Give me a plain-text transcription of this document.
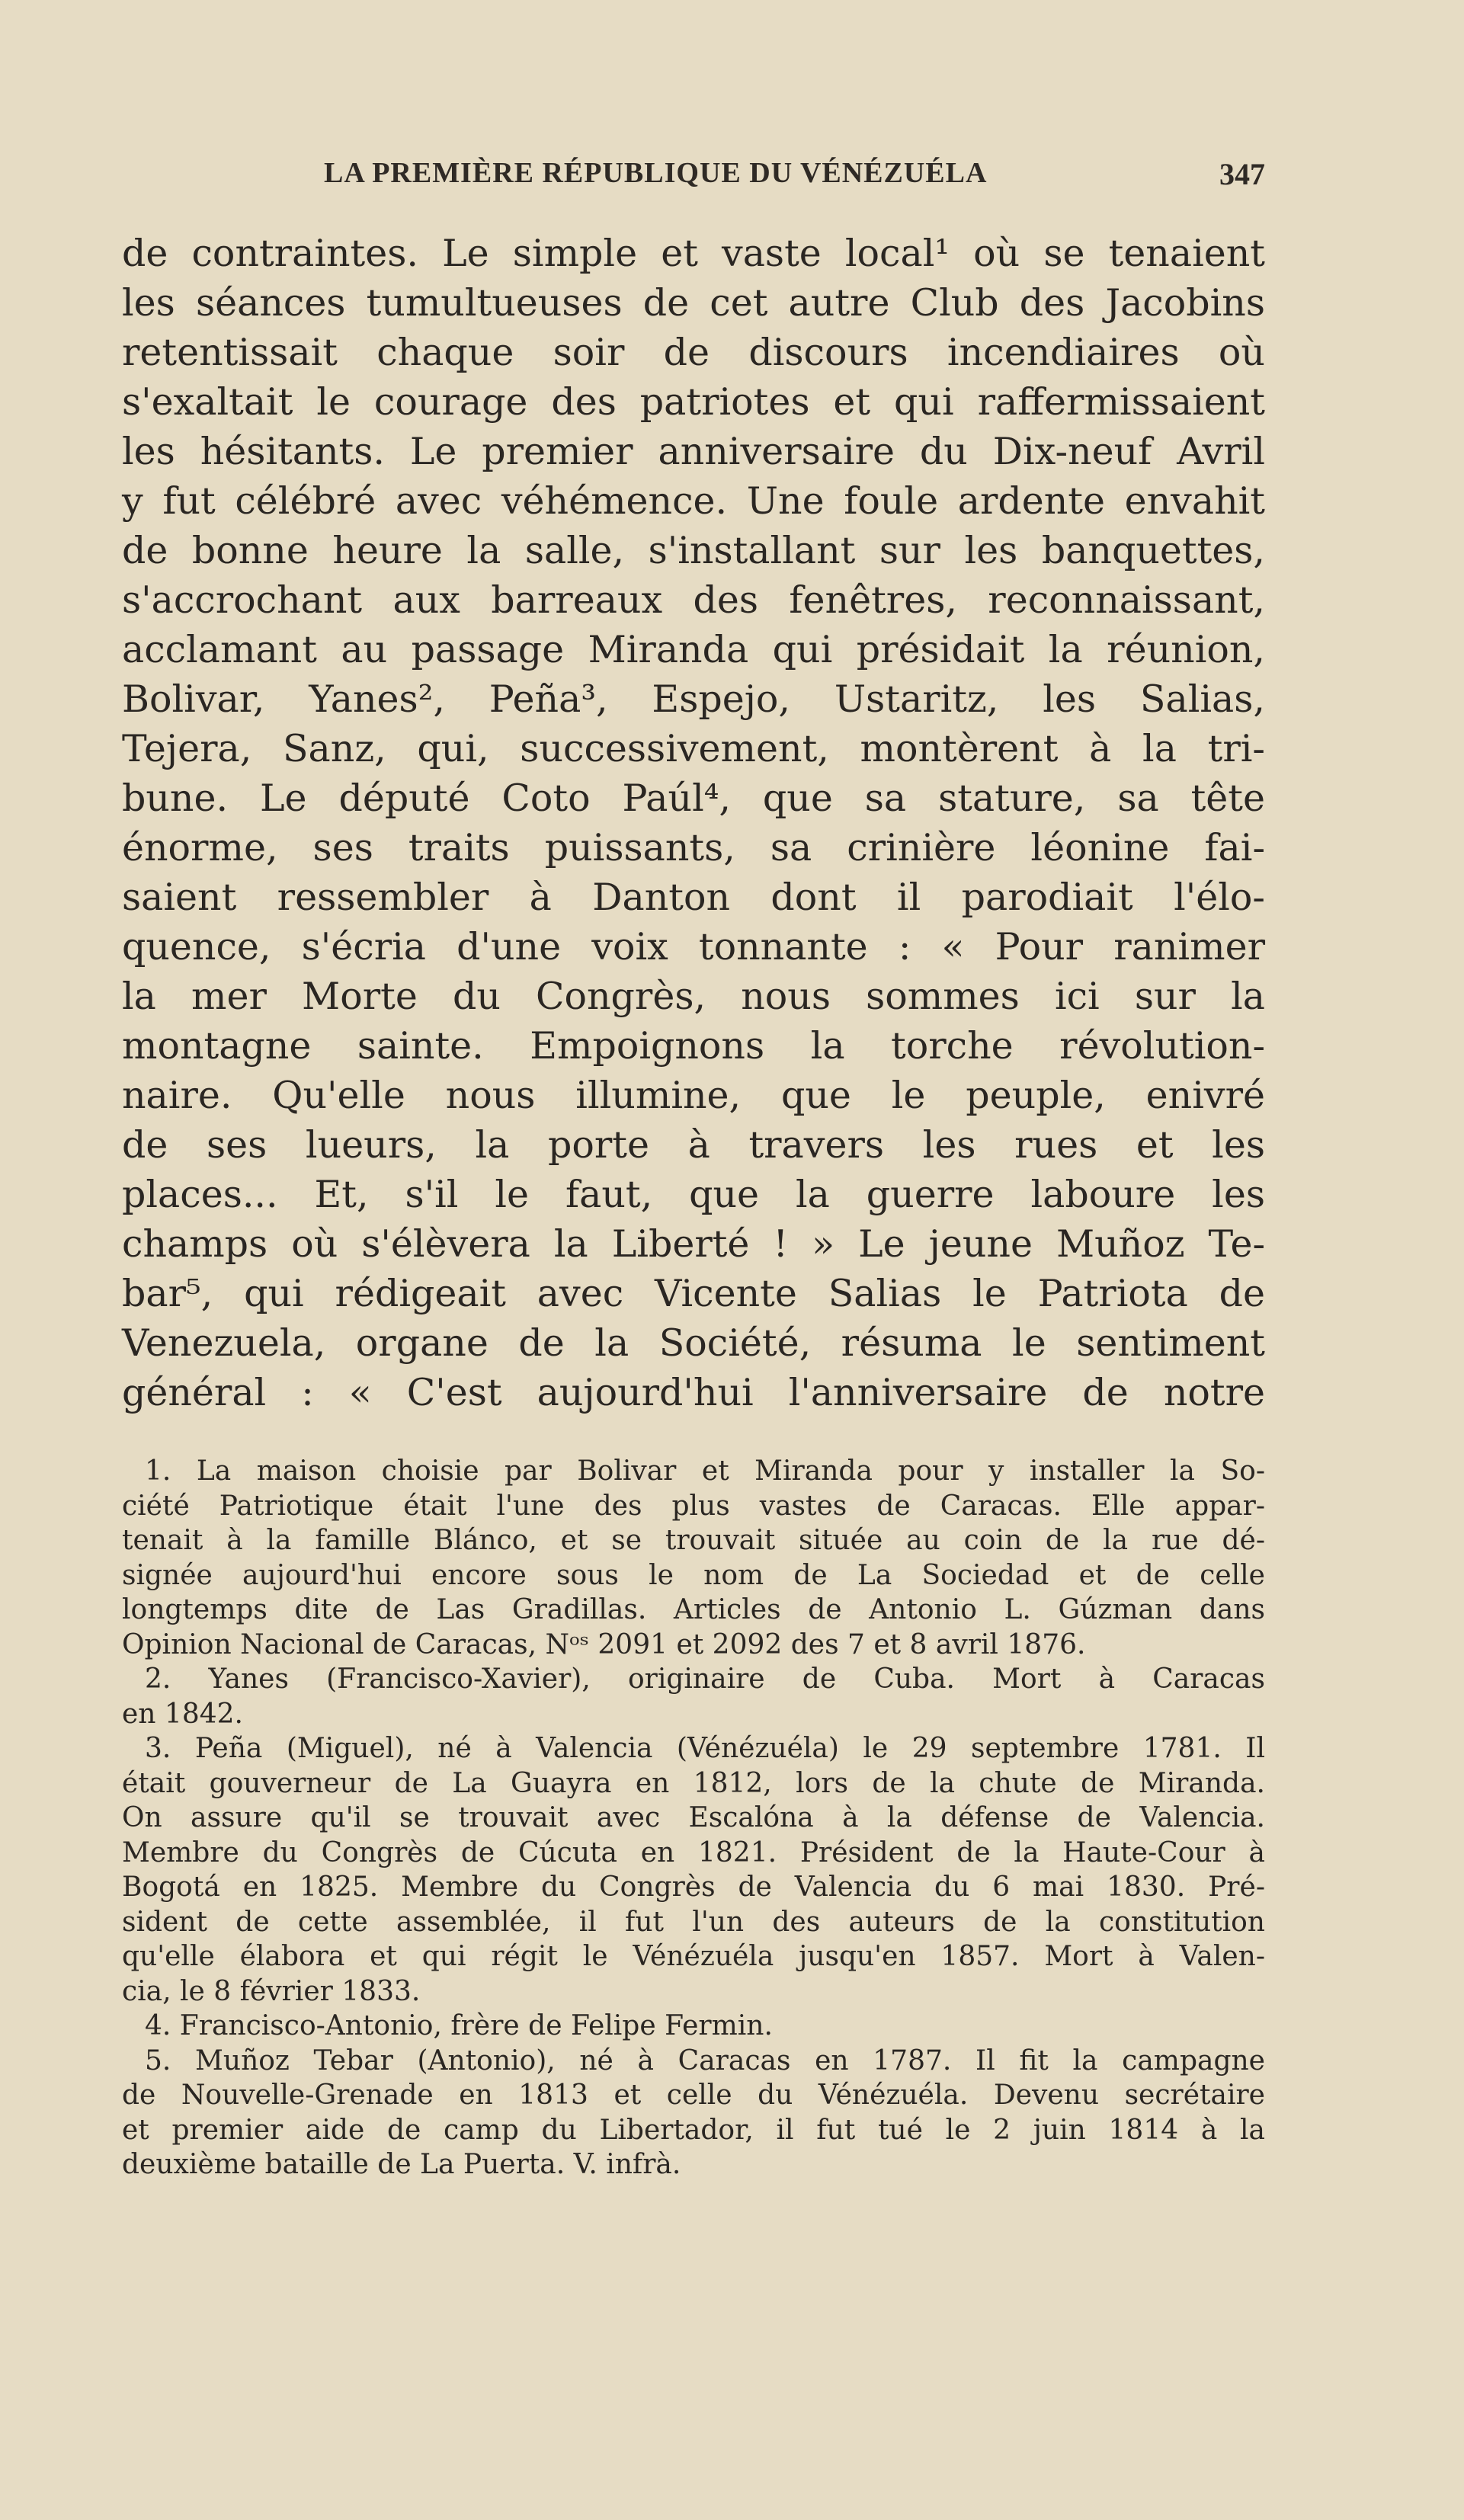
LA PREMIÈRE RÉPUBLIQUE DU VÉNÉZUÉLA	347
de contraintes. Le simple et vaste local¹ où se tenaient
les séances tumultueuses de cet autre Club des Jacobins
retentissait chaque soir de discours incendiaires où
s'exaltait le courage des patriotes et qui raffermissaient
les hésitants. Le premier anniversaire du Dix-neuf Avril
y fut célébré avec véhémence. Une foule ardente envahit
de bonne heure la salle, s'installant sur les banquettes,
s'accrochant aux barreaux des fenêtres, reconnaissant,
acclamant au passage Miranda qui présidait la réunion,
Bolivar, Yanes², Peña³, Espejo, Ustaritz, les Salias,
Tejera, Sanz, qui, successivement, montèrent à la tri-
bune. Le député Coto Paúl⁴, que sa stature, sa tête
énorme, ses traits puissants, sa crinière léonine fai-
saient ressembler à Danton dont il parodiait l'élo-
quence, s'écria d'une voix tonnante : « Pour ranimer
la mer Morte du Congrès, nous sommes ici sur la
montagne sainte. Empoignons la torche révolution-
naire. Qu'elle nous illumine, que le peuple, enivré
de ses lueurs, la porte à travers les rues et les
places... Et, s'il le faut, que la guerre laboure les
champs où s'élèvera la Liberté ! » Le jeune Muñoz Te-
bar⁵, qui rédigeait avec Vicente Salias le Patriota de
Venezuela, organe de la Société, résuma le sentiment
général : « C'est aujourd'hui l'anniversaire de notre
1. La maison choisie par Bolivar et Miranda pour y installer la So-
ciété Patriotique était l'une des plus vastes de Caracas. Elle appar-
tenait à la famille Blánco, et se trouvait située au coin de la rue dé-
signée aujourd'hui encore sous le nom de La Sociedad et de celle
longtemps dite de Las Gradillas. Articles de Antonio L. Gúzman dans
Opinion Nacional de Caracas, Nᵒˢ 2091 et 2092 des 7 et 8 avril 1876.
2. Yanes (Francisco-Xavier), originaire de Cuba. Mort à Caracas
en 1842.
3. Peña (Miguel), né à Valencia (Vénézuéla) le 29 septembre 1781. Il
était gouverneur de La Guayra en 1812, lors de la chute de Miranda.
On assure qu'il se trouvait avec Escalóna à la défense de Valencia.
Membre du Congrès de Cúcuta en 1821. Président de la Haute-Cour à
Bogotá en 1825. Membre du Congrès de Valencia du 6 mai 1830. Pré-
sident de cette assemblée, il fut l'un des auteurs de la constitution
qu'elle élabora et qui régit le Vénézuéla jusqu'en 1857. Mort à Valen-
cia, le 8 février 1833.
4. Francisco-Antonio, frère de Felipe Fermin.
5. Muñoz Tebar (Antonio), né à Caracas en 1787. Il fit la campagne
de Nouvelle-Grenade en 1813 et celle du Vénézuéla. Devenu secrétaire
et premier aide de camp du Libertador, il fut tué le 2 juin 1814 à la
deuxième bataille de La Puerta. V. infrà.
